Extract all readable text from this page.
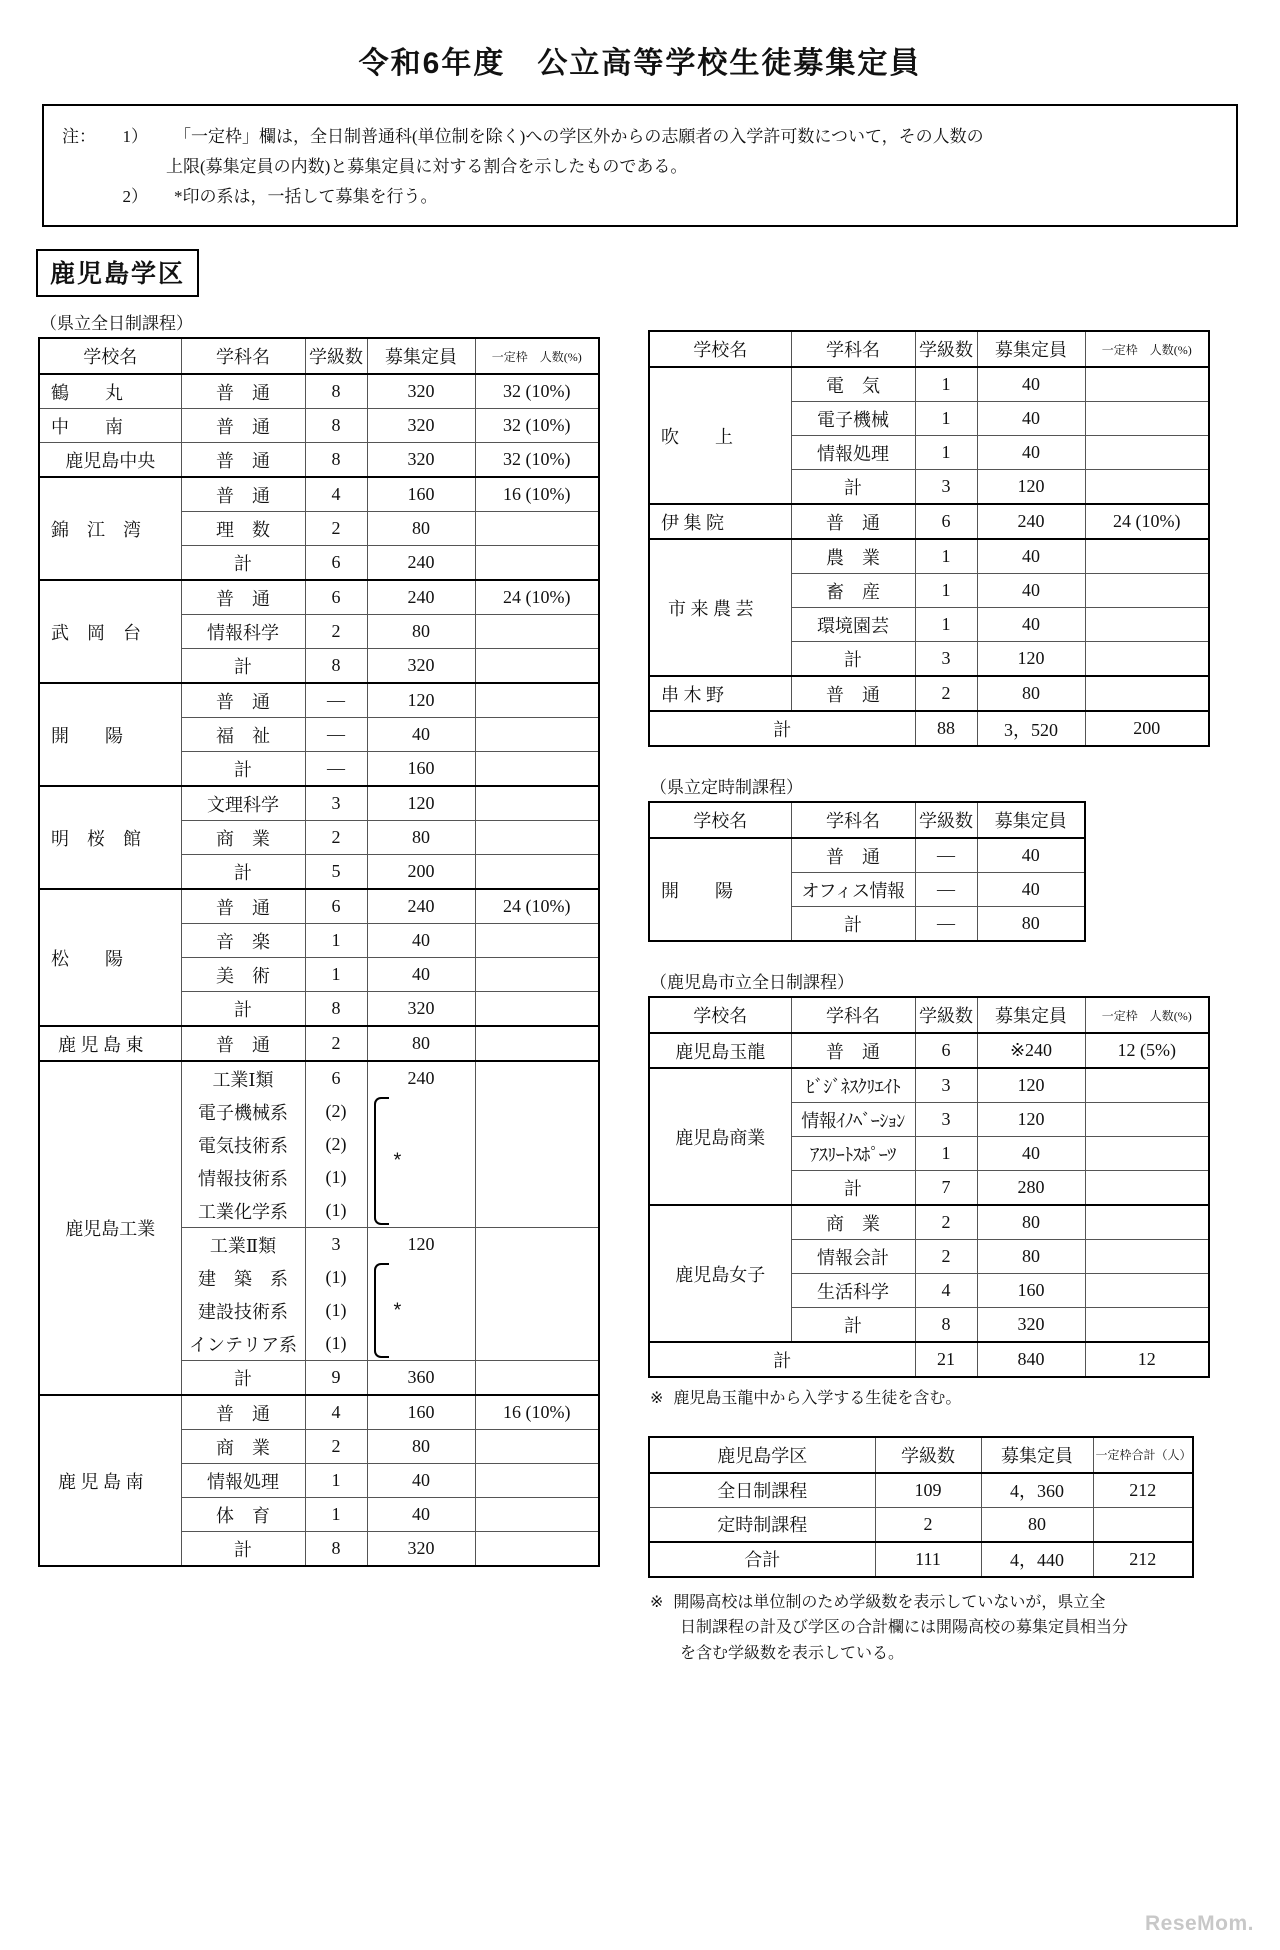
令和6年度　公立高等学校生徒募集定員
注：	1）	「一定枠」欄は，全日制普通科(単位制を除く)への学区外からの志願者の入学許可数について，その人数の
上限(募集定員の内数)と募集定員に対する割合を示したものである。
2）	*印の系は，一括して募集を行う。
鹿児島学区
（県立全日制課程）
学校名	学科名	学級数	募集定員	一定枠　人数(%)

鶴　　丸	普　通	8	320	32 (10%)

中　　南	普　通	8	320	32 (10%)
鹿児島中央	普　通	8	320	32 (10%)

錦　江　湾	普　通	4	160	16 (10%)
	理　数	2	80	
	計	6	240	

武　岡　台	普　通	6	240	24 (10%)
	情報科学	2	80	
	計	8	320	

開　　陽	普　通	―	120	
	福　祉	―	40	
	計	―	160	

明　桜　館	文理科学	3	120	
	商　業	2	80	
	計	5	200	

松　　陽	普　通	6	240	24 (10%)
	音　楽	1	40	
	美　術	1	40	
	計	8	320	

鹿 児 島 東	普　通	2	80	
鹿児島工業	工業Ⅰ類	6	240	
	電子機械系	(2)	*	

	電気技術系	(2)		
	情報技術系	(1)		
	工業化学系	(1)		
	工業Ⅱ類	3	120	
	建　築　系	(1)	*	

	建設技術系	(1)		
	インテリア系	(1)		
	計	9	360	

鹿 児 島 南	普　通	4	160	16 (10%)
	商　業	2	80	
	情報処理	1	40	
	体　育	1	40	
	計	8	320	
学校名	学科名	学級数	募集定員	一定枠　人数(%)

吹　　上	電　気	1	40	
	電子機械	1	40	
	情報処理	1	40	
	計	3	120	

伊 集 院	普　通	6	240	24 (10%)

市 来 農 芸	農　業	1	40	
	畜　産	1	40	
	環境園芸	1	40	
	計	3	120	

串 木 野	普　通	2	80	
計		88	3，520	200
（県立定時制課程）
学校名	学科名	学級数	募集定員

開　　陽	普　通	―	40
	オフィス情報	―	40
	計	―	80
（鹿児島市立全日制課程）
学校名	学科名	学級数	募集定員	一定枠　人数(%)
鹿児島玉龍	普　通	6	※240	12 (5%)
鹿児島商業	ﾋﾞｼﾞﾈｽｸﾘｴｲﾄ	3	120	
	情報ｲﾉﾍﾞｰｼｮﾝ	3	120	
	ｱｽﾘｰﾄｽﾎﾟｰﾂ	1	40	
	計	7	280	
鹿児島女子	商　業	2	80	
	情報会計	2	80	
	生活科学	4	160	
	計	8	320	
計		21	840	12
※ 鹿児島玉龍中から入学する生徒を含む。
鹿児島学区	学級数	募集定員	一定枠合計（人）
全日制課程	109	4，360	212
定時制課程	2	80	
合計	111	4，440	212
※ 開陽高校は単位制のため学級数を表示していないが，県立全
日制課程の計及び学区の合計欄には開陽高校の募集定員相当分
を含む学級数を表示している。
ReseMom.
